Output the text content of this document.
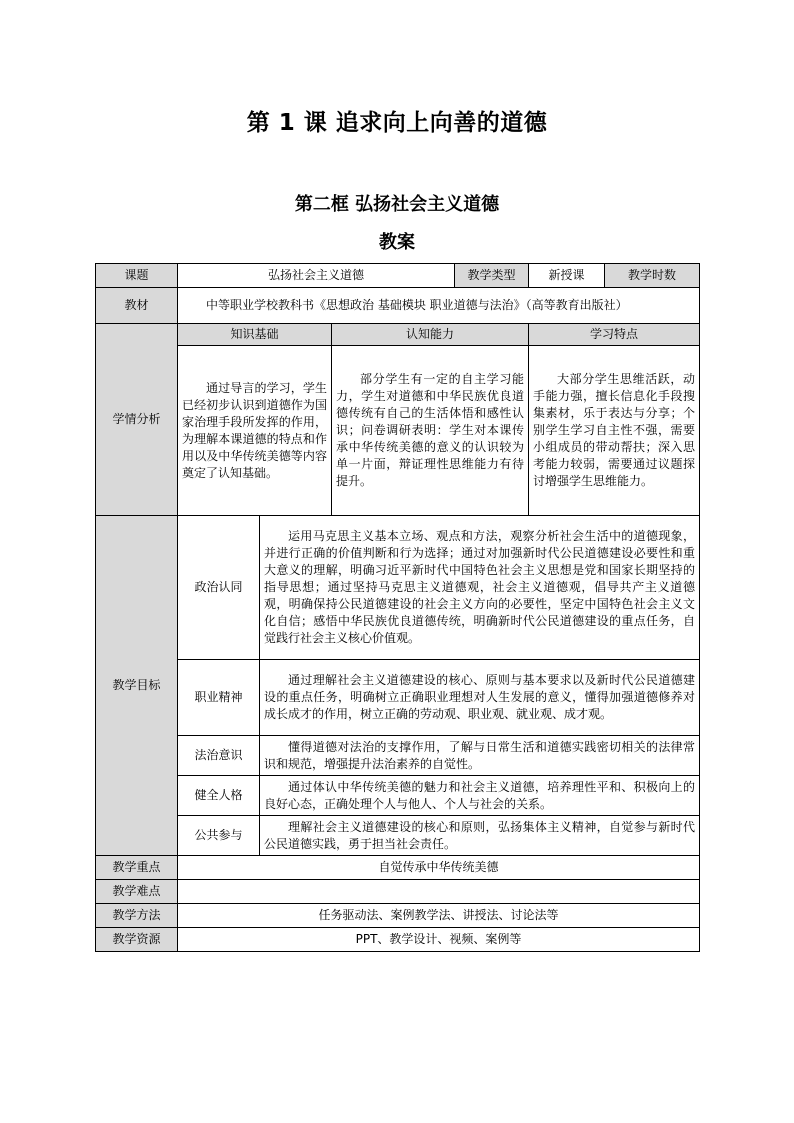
第 1 课 追求向上向善的道德
第二框 弘扬社会主义道德
教案
课题	弘扬社会主义道德			教学类型	新授课	教学时数
教材	中等职业学校教科书《思想政治 基础模块 职业道德与法治》（高等教育出版社）					
学情分析	知识基础		认知能力		学习特点	
	通过导言的学习，学生已经初步认识到道德作为国家治理手段所发挥的作用，为理解本课道德的特点和作用以及中华传统美德等内容奠定了认知基础。		部分学生有一定的自主学习能力，学生对道德和中华民族优良道德传统有自己的生活体悟和感性认识；问卷调研表明：学生对本课传承中华传统美德的意义的认识较为单一片面，辩证理性思维能力有待提升。		大部分学生思维活跃，动手能力强，擅长信息化手段搜集素材，乐于表达与分享；个别学生学习自主性不强，需要小组成员的带动帮扶；深入思考能力较弱，需要通过议题探讨增强学生思维能力。	
教学目标	政治认同	运用马克思主义基本立场、观点和方法，观察分析社会生活中的道德现象，并进行正确的价值判断和行为选择；通过对加强新时代公民道德建设必要性和重大意义的理解，明确习近平新时代中国特色社会主义思想是党和国家长期坚持的指导思想；通过坚持马克思主义道德观，社会主义道德观，倡导共产主义道德观，明确保持公民道德建设的社会主义方向的必要性，坚定中国特色社会主义文化自信；感悟中华民族优良道德传统，明确新时代公民道德建设的重点任务，自觉践行社会主义核心价值观。				
	职业精神	通过理解社会主义道德建设的核心、原则与基本要求以及新时代公民道德建设的重点任务，明确树立正确职业理想对人生发展的意义，懂得加强道德修养对成长成才的作用，树立正确的劳动观、职业观、就业观、成才观。				
	法治意识	懂得道德对法治的支撑作用，了解与日常生活和道德实践密切相关的法律常识和规范，增强提升法治素养的自觉性。				
	健全人格	通过体认中华传统美德的魅力和社会主义道德，培养理性平和、积极向上的良好心态，正确处理个人与他人、个人与社会的关系。				
	公共参与	理解社会主义道德建设的核心和原则，弘扬集体主义精神，自觉参与新时代公民道德实践，勇于担当社会责任。				
教学重点	自觉传承中华传统美德					
教学难点						
教学方法	任务驱动法、案例教学法、讲授法、讨论法等					
教学资源	PPT、教学设计、视频、案例等					
